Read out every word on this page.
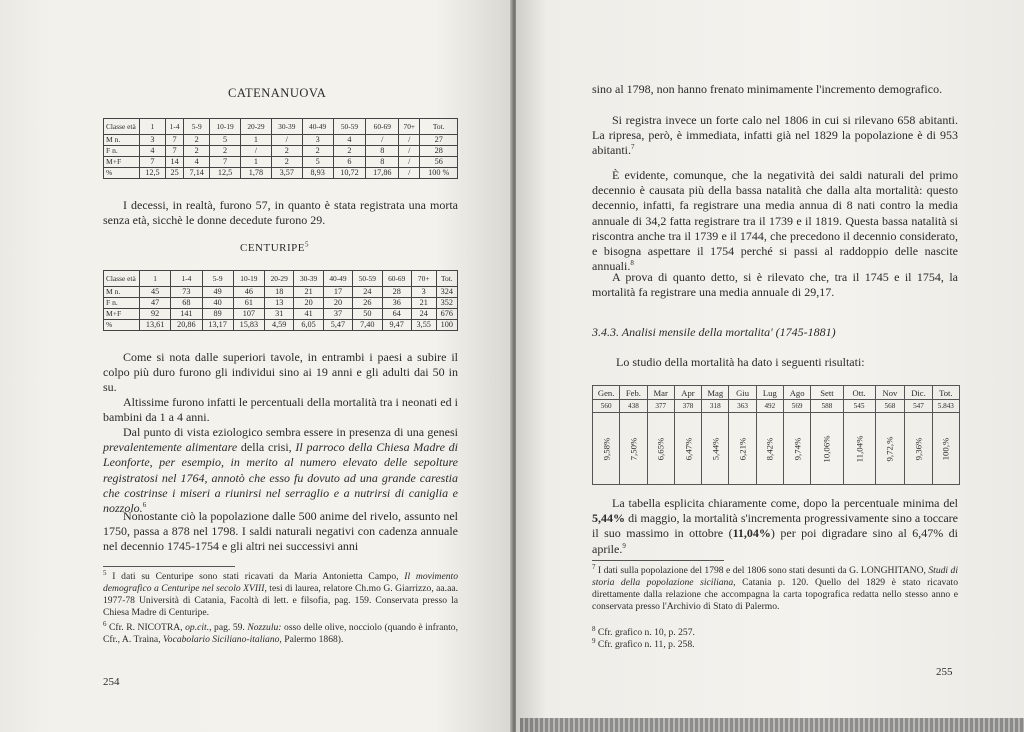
CATENANUOVA
Classe età	1	1-4	5-9	10-19	20-29	30-39	40-49	50-59	60-69	70+	Tot.
M n.	3	7	2	5	1	/	3	4	/	/	27
F n.	4	7	2	2	/	2	2	2	8	/	28
M+F	7	14	4	7	1	2	5	6	8	/	56
%	12,5	25	7,14	12,5	1,78	3,57	8,93	10,72	17,86	/	100 %
I decessi, in realtà, furono 57, in quanto è stata registrata una morta senza età, sicchè le donne decedute furono 29.
CENTURIPE$^5$
Classe età	1	1-4	5-9	10-19	20-29	30-39	40-49	50-59	60-69	70+	Tot.
M n.	45	73	49	46	18	21	17	24	28	3	324
F n.	47	68	40	61	13	20	20	26	36	21	352
M+F	92	141	89	107	31	41	37	50	64	24	676
%	13,61	20,86	13,17	15,83	4,59	6,05	5,47	7,40	9,47	3,55	100
Come si nota dalle superiori tavole, in entrambi i paesi a subire il colpo più duro furono gli individui sino ai 19 anni e gli adulti dai 50 in su.
Altissime furono infatti le percentuali della mortalità tra i neonati ed i bambini da 1 a 4 anni.
Dal punto di vista eziologico sembra essere in presenza di una genesi prevalentemente alimentare della crisi, Il parroco della Chiesa Madre di Leonforte, per esempio, in merito al numero elevato delle sepolture registratosi nel 1764, annotò che esso fu dovuto ad una grande carestia che costrinse i miseri a riunirsi nel serraglio e a nutrirsi di caniglia e nozzolo.$^6$
Nonostante ciò la popolazione dalle 500 anime del rivelo, assunto nel 1750, passa a 878 nel 1798. I saldi naturali negativi con cadenza annuale nel decennio 1745-1754 e gli altri nei successivi anni
$^5$ I dati su Centuripe sono stati ricavati da Maria Antonietta Campo, Il movimento demografico a Centuripe nel secolo XVIII, tesi di laurea, relatore Ch.mo G. Giarrizzo, aa.aa. 1977-78 Università di Catania, Facoltà di lett. e filsofia, pag. 159. Conservata presso la Chiesa Madre di Centuripe.
$^6$ Cfr. R. NICOTRA, op.cit., pag. 59. Nozzulu: osso delle olive, nocciolo (quando è infranto, Cfr., A. Traina, Vocabolario Siciliano-italiano, Palermo 1868).
254
sino al 1798, non hanno frenato minimamente l'incremento demografico.
Si registra invece un forte calo nel 1806 in cui si rilevano 658 abitanti. La ripresa, però, è immediata, infatti già nel 1829 la popolazione è di 953 abitanti.$^7$
È evidente, comunque, che la negatività dei saldi naturali del primo decennio è causata più della bassa natalità che dalla alta mortalità: questo decennio, infatti, fa registrare una media annua di 8 nati contro la media annuale di 34,2 fatta registrare tra il 1739 e il 1819. Questa bassa natalità si riscontra anche tra il 1739 e il 1744, che precedono il decennio considerato, e bisogna aspettare il 1754 perché si passi al raddoppio delle nascite annuali.$^8$
A prova di quanto detto, si è rilevato che, tra il 1745 e il 1754, la mortalità fa registrare una media annuale di 29,17.
3.4.3. Analisi mensile della mortalita' (1745-1881)
Lo studio della mortalità ha dato i seguenti risultati:
Gen.	Feb.	Mar	Apr	Mag	Giu	Lug	Ago	Sett	Ott.	Nov	Dic.	Tot.
560	438	377	378	318	363	492	569	588	545	568	547	5.843
9,58%	7,50%	6,65%	6,47%	5,44%	6,21%	8,42%	9,74%	10,06%	11,04%	9,72,%	9,36%	100,%
La tabella esplicita chiaramente come, dopo la percentuale minima del 5,44% di maggio, la mortalità s'incrementa progressivamente sino a toccare il suo massimo in ottobre (11,04%) per poi digradare sino al 6,47% di aprile.$^9$
$^7$ I dati sulla popolazione del 1798 e del 1806 sono stati desunti da G. LONGHITANO, Studi di storia della popolazione siciliana, Catania p. 120. Quello del 1829 è stato ricavato direttamente dalla relazione che accompagna la carta topografica redatta nello stesso anno e conservata presso l'Archivio di Stato di Palermo.
$^8$ Cfr. grafico n. 10, p. 257.
$^9$ Cfr. grafico n. 11, p. 258.
255
